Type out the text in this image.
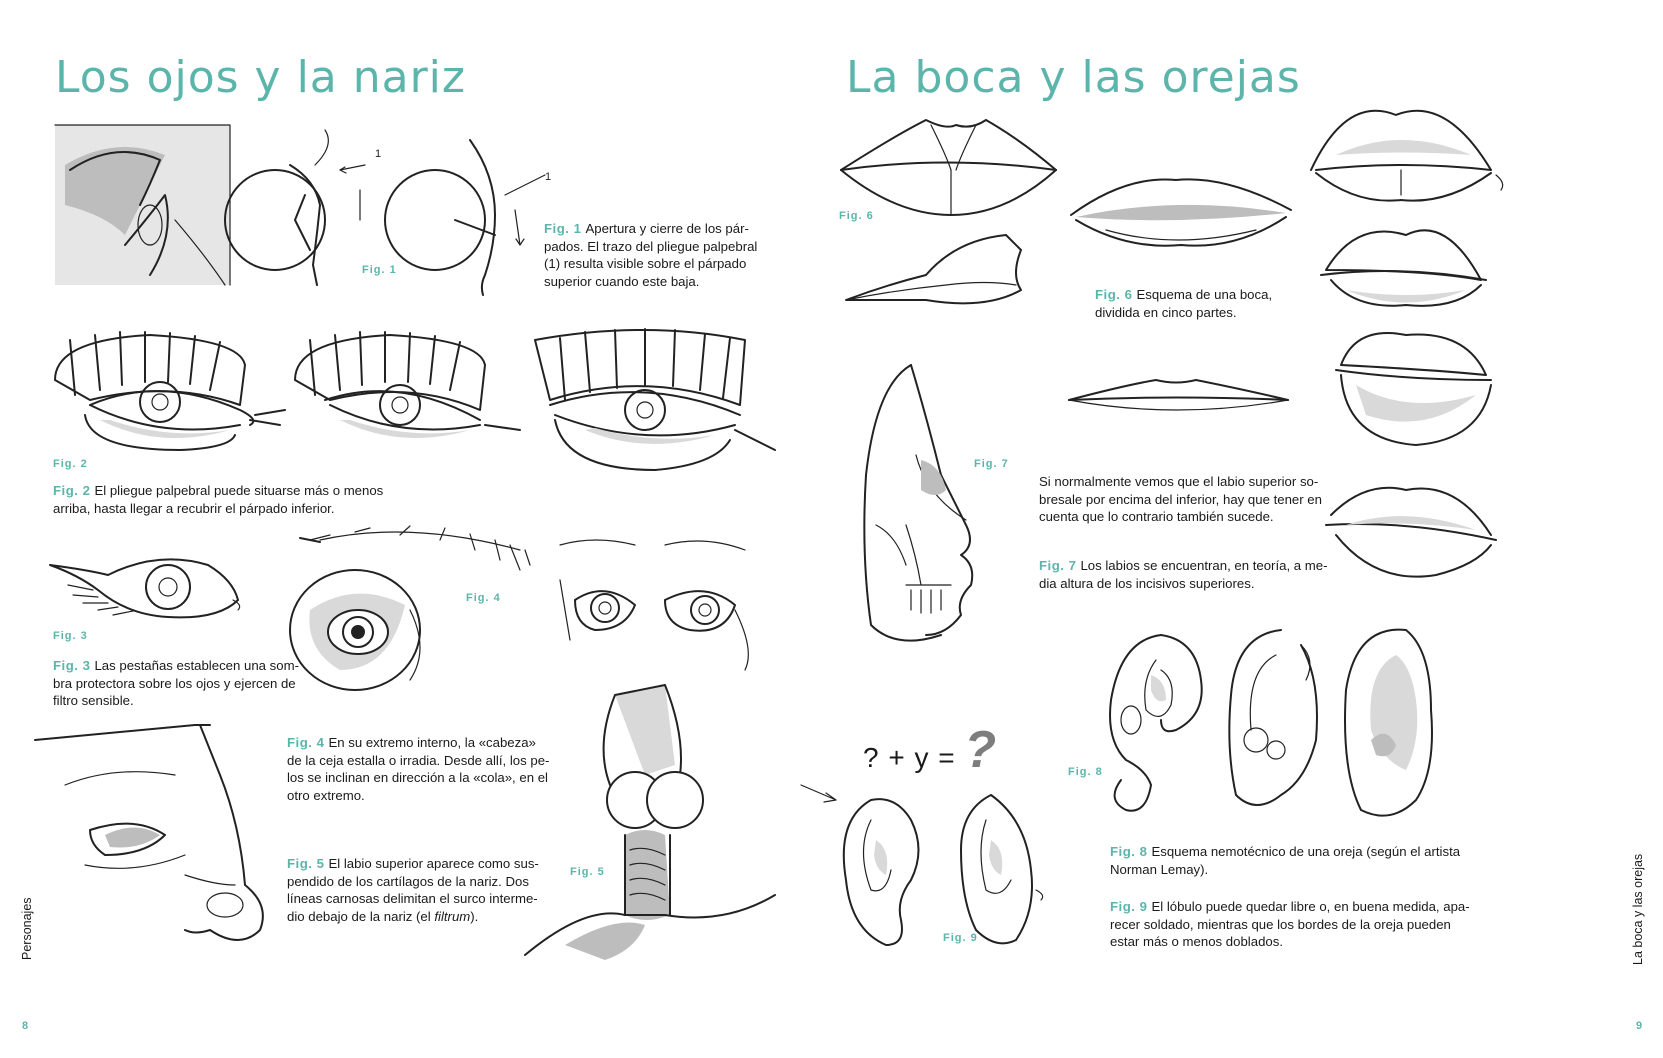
Los ojos y la nariz
1
1
Fig. 1

Fig. 1 Apertura y cierre de los pár-
pados. El trazo del pliegue palpebral
(1) resulta visible sobre el párpado
superior cuando este baja.

Fig. 2

Fig. 2 El pliegue palpebral puede situarse más o menos
arriba, hasta llegar a recubrir el párpado inferior.

Fig. 3

Fig. 3 Las pestañas establecen una som-
bra protectora sobre los ojos y ejercen de
filtro sensible.

Fig. 4

Fig. 4 En su extremo interno, la «cabeza»
de la ceja estalla o irradia. Desde allí, los pe-
los se inclinan en dirección a la «cola», en el
otro extremo.

Fig. 5 El labio superior aparece como sus-
pendido de los cartílagos de la nariz. Dos
líneas carnosas delimitan el surco interme-
dio debajo de la nariz (el filtrum).

Fig. 5
Personajes
8
La boca y las orejas
Fig. 6

Fig. 6 Esquema de una boca,
dividida en cinco partes.

Fig. 7

Si normalmente vemos que el labio superior so-
bresale por encima del inferior, hay que tener en
cuenta que lo contrario también sucede.

Fig. 7 Los labios se encuentran, en teoría, a me-
dia altura de los incisivos superiores.

? + y = ?
Fig. 9
Fig. 8

Fig. 8 Esquema nemotécnico de una oreja (según el artista
Norman Lemay).

Fig. 9 El lóbulo puede quedar libre o, en buena medida, apa-
recer soldado, mientras que los bordes de la oreja pueden
estar más o menos doblados.	La boca y las orejas
9
